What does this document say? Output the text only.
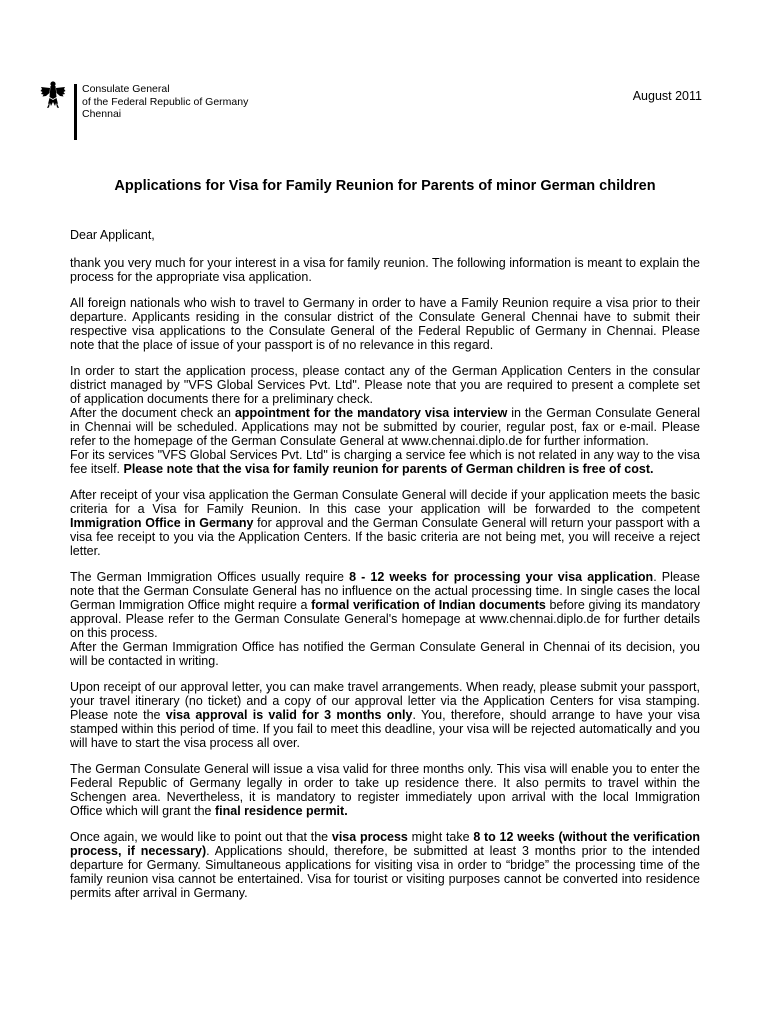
Consulate General
of the Federal Republic of Germany
Chennai
August 2011
Applications for Visa for Family Reunion for Parents of minor German children
Dear Applicant,

thank you very much for your interest in a visa for family reunion. The following information is meant to explain the process for the appropriate visa application.

All foreign nationals who wish to travel to Germany in order to have a Family Reunion require a visa prior to their departure. Applicants residing in the consular district of the Consulate General Chennai have to submit their respective visa applications to the Consulate General of the Federal Republic of Germany in Chennai. Please note that the place of issue of your passport is of no relevance in this regard.

In order to start the application process, please contact any of the German Application Centers in the consular district managed by "VFS Global Services Pvt. Ltd". Please note that you are required to present a complete set of application documents there for a preliminary check.
After the document check an appointment for the mandatory visa interview in the German Consulate General in Chennai will be scheduled. Applications may not be submitted by courier, regular post, fax or e-mail. Please refer to the homepage of the German Consulate General at www.chennai.diplo.de for further information.
For its services "VFS Global Services Pvt. Ltd" is charging a service fee which is not related in any way to the visa fee itself. Please note that the visa for family reunion for parents of German children is free of cost.

After receipt of your visa application the German Consulate General will decide if your application meets the basic criteria for a Visa for Family Reunion. In this case your application will be forwarded to the competent Immigration Office in Germany for approval and the German Consulate General will return your passport with a visa fee receipt to you via the Application Centers. If the basic criteria are not being met, you will receive a reject letter.

The German Immigration Offices usually require 8 - 12 weeks for processing your visa application. Please note that the German Consulate General has no influence on the actual processing time. In single cases the local German Immigration Office might require a formal verification of Indian documents before giving its mandatory approval. Please refer to the German Consulate General's homepage at www.chennai.diplo.de for further details on this process.
After the German Immigration Office has notified the German Consulate General in Chennai of its decision, you will be contacted in writing.

Upon receipt of our approval letter, you can make travel arrangements. When ready, please submit your passport, your travel itinerary (no ticket) and a copy of our approval letter via the Application Centers for visa stamping. Please note the visa approval is valid for 3 months only. You, therefore, should arrange to have your visa stamped within this period of time. If you fail to meet this deadline, your visa will be rejected automatically and you will have to start the visa process all over.

The German Consulate General will issue a visa valid for three months only. This visa will enable you to enter the Federal Republic of Germany legally in order to take up residence there. It also permits to travel within the Schengen area. Nevertheless, it is mandatory to register immediately upon arrival with the local Immigration Office which will grant the final residence permit.

Once again, we would like to point out that the visa process might take 8 to 12 weeks (without the verification process, if necessary). Applications should, therefore, be submitted at least 3 months prior to the intended departure for Germany. Simultaneous applications for visiting visa in order to “bridge” the processing time of the family reunion visa cannot be entertained. Visa for tourist or visiting purposes cannot be converted into residence permits after arrival in Germany.
